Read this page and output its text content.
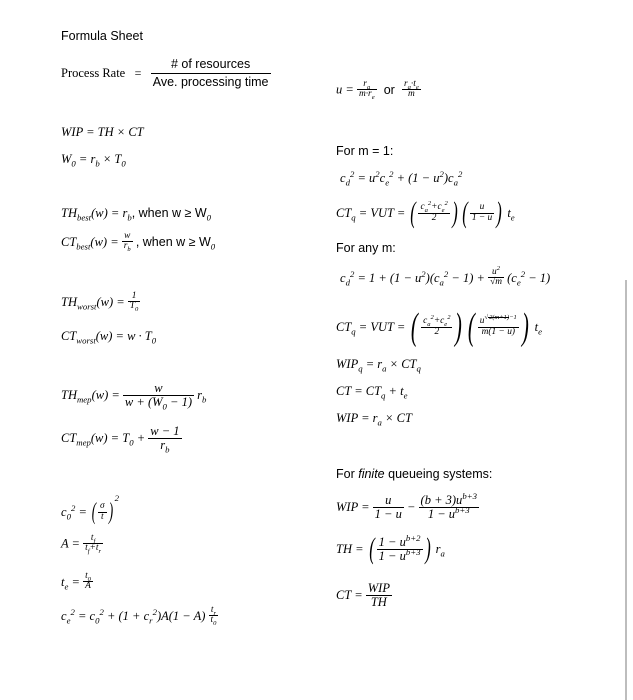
Formula Sheet
Process Rate = $\frac{\text{\# of resources}}{\text{Ave. processing time}}$
$u = \frac{r_a}{m\cdot r_e}$ or $\frac{r_a\cdot t_e}{m}$
WIP = TH × CT
$W_0 = r_b \times T_0$
$TH_{best}(w) = r_b$, when $w \ge W_0$
$CT_{best}(w) = \frac{w}{r_b}$ , when $w \ge W_0$
$TH_{worst}(w) = \frac{1}{T_0}$
$CT_{worst}(w) = w \cdot T_0$
$TH_{mep}(w) = \frac{w}{w + (W_0 - 1)} r_b$
$CT_{mep}(w) = T_0 + \frac{w - 1}{r_b}$
$c_0^2$ = ( $\frac{\sigma}{t} )^2$
$A = \frac{t_f}{t_f+t_r}$
$t_e = \frac{t_0}{A}$
$c_e^2 = c_0^2 + (1 + c_r^2)A(1 - A) \frac{t_r}{t_0}$
For m = 1:
$c_d^2 = u^2c_e^2 + (1 - u^2)c_a^2$
$CT_q$ = VUT = ( $\frac{c_a^2+c_e^2}{2}$ ) ( $\frac{u}{1 - u}$ ) $t_e$
For any m:
$c_d^2 = 1 + (1 - u^2)(c_a^2 - 1) + \frac{u^2}{√m} (c_e^2 - 1)$
$CT_q$ = VUT = ( $\frac{c_a^2+c_e^2}{2}$ ) ( $\frac{u^{√2(m+1)-1}}{m(1 - u)}$ ) $t_e$
$WIP_q = r_a \times CT_q$
CT = $CT_q + t_e$
WIP = $r_a$ × CT
For finite queueing systems:
WIP = $\frac{u}{1 - u} - \frac{(b + 3)u^{b+3}}{1 - u^{b+3}}$
TH = ( $\frac{1 - u^{b+2}}{1 - u^{b+3}}$ ) $r_a$
CT = $\frac{\text{WIP}}{TH}$
